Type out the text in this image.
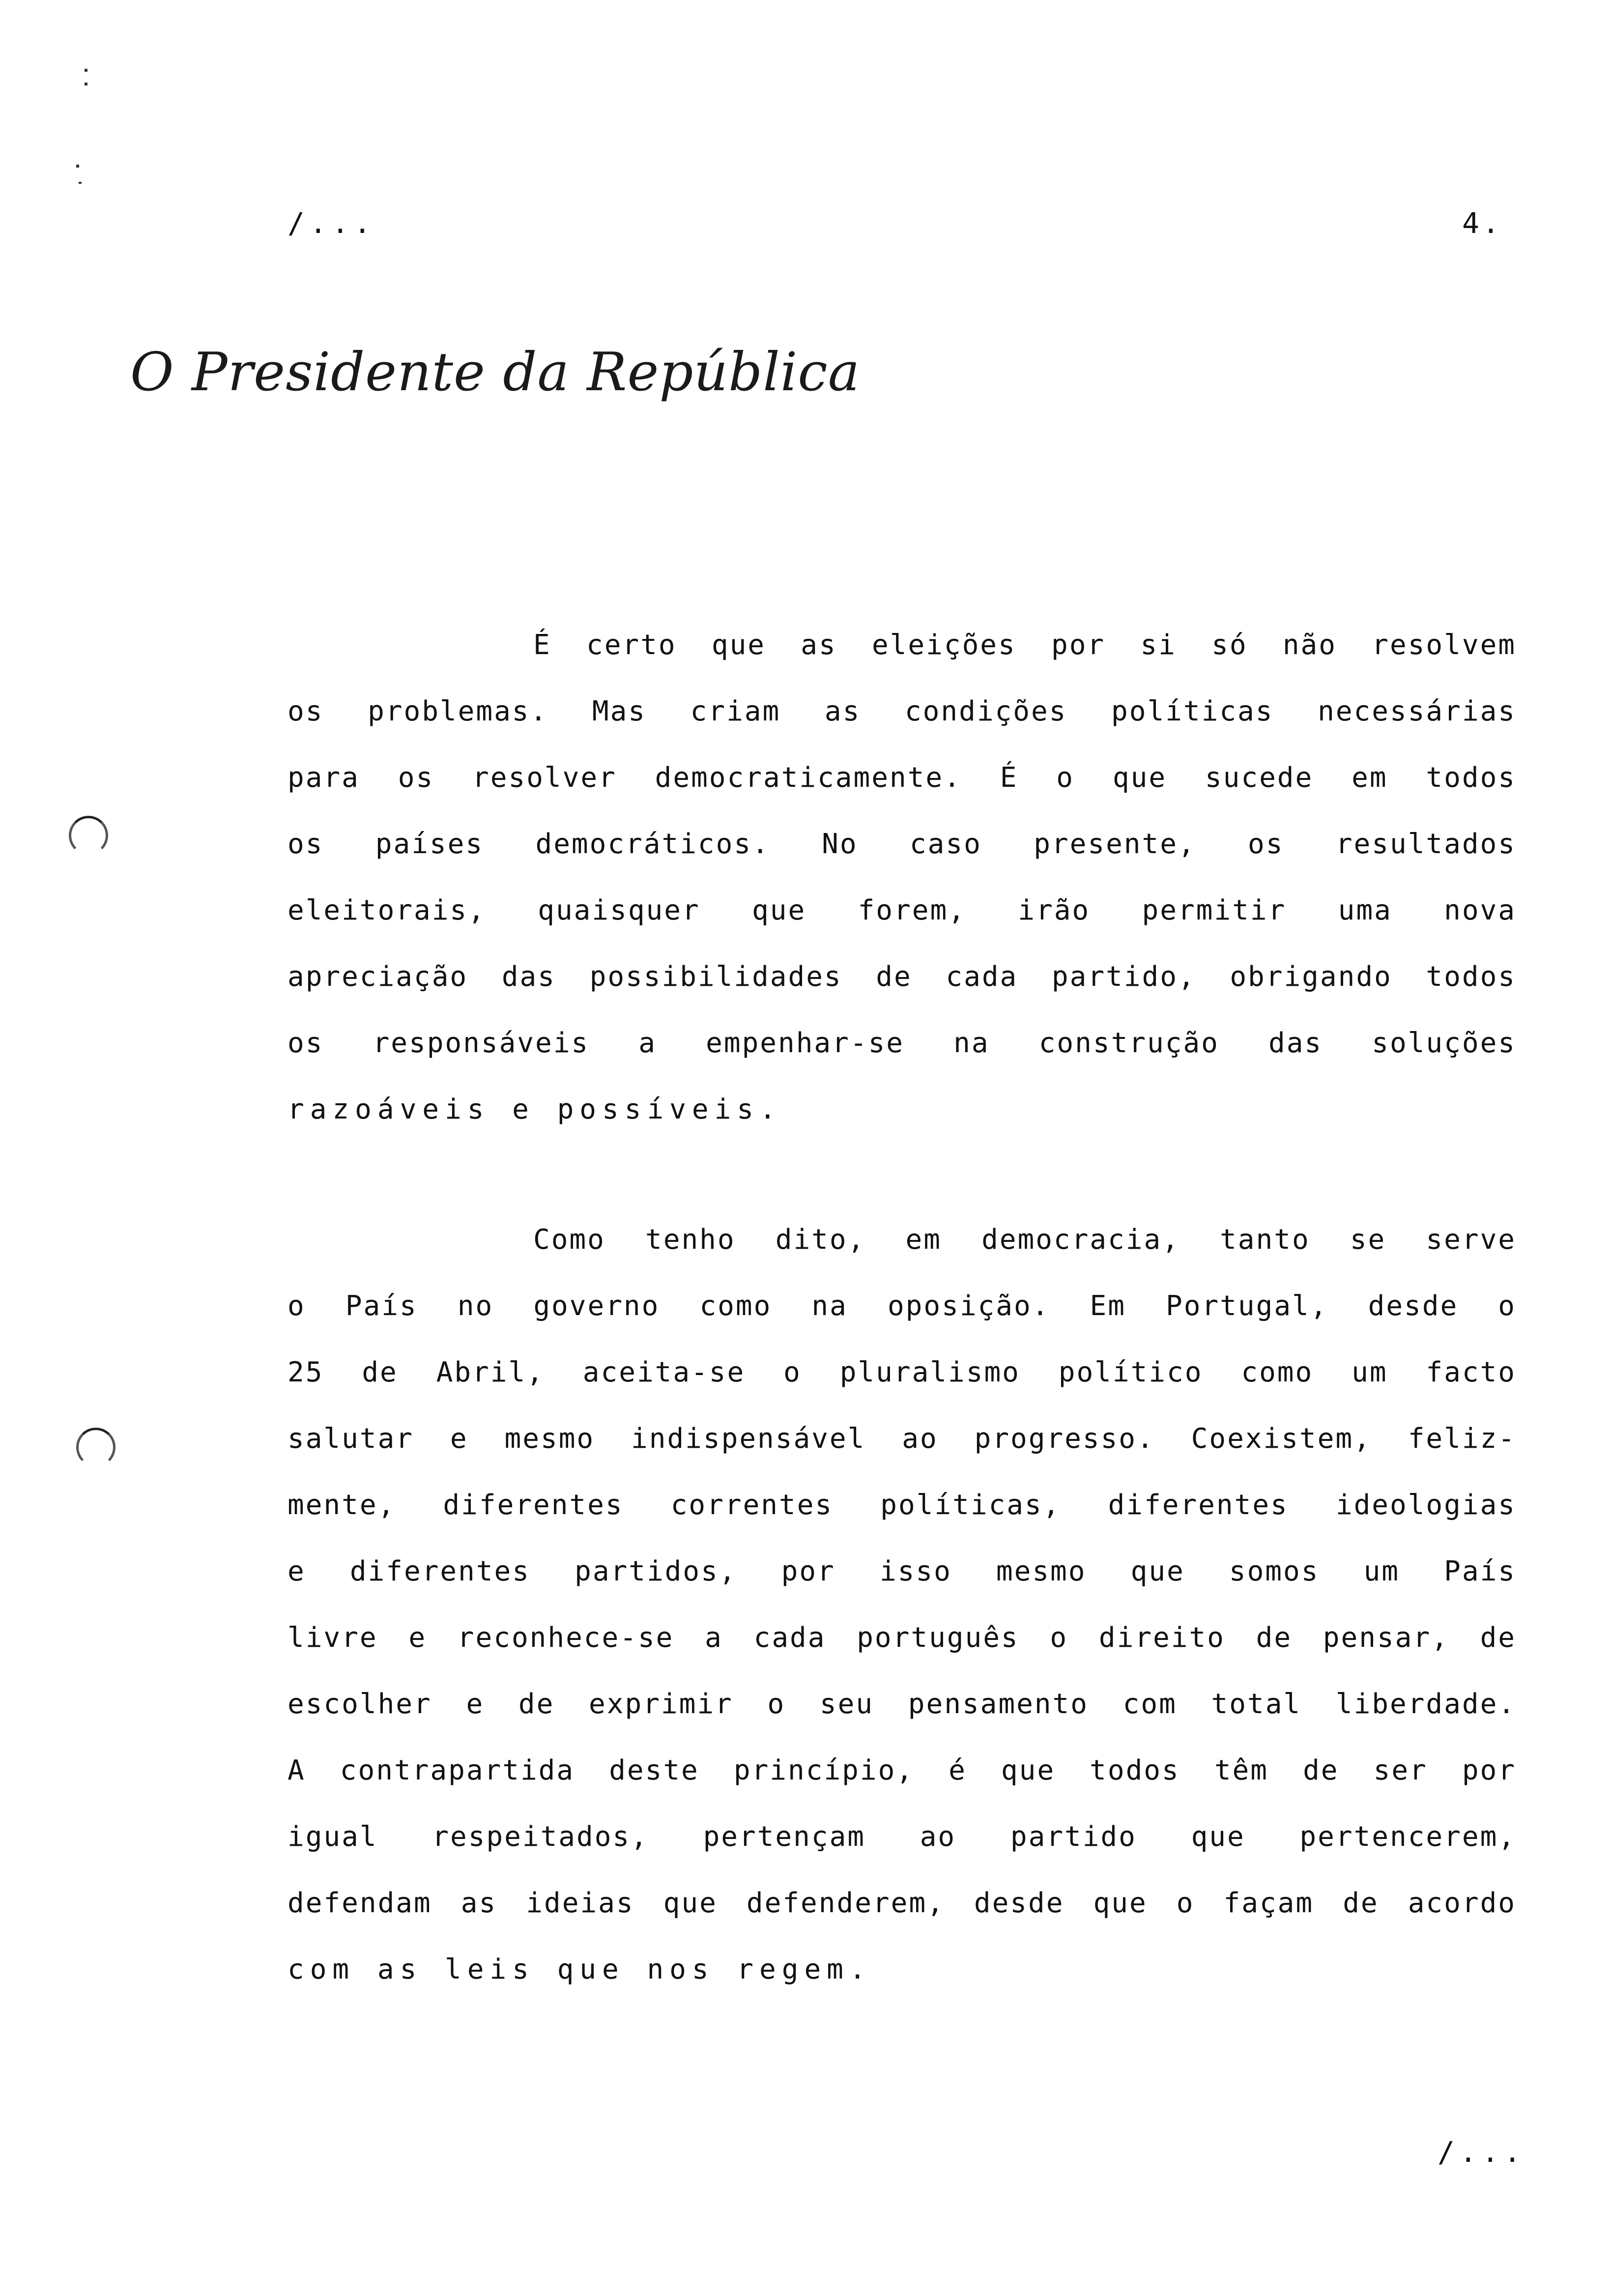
/...	4.
O Presidente da República
É certo que as eleições por si só não resolvem
os problemas. Mas criam as condições políticas necessárias
para os resolver democraticamente. É o que sucede em todos
os países democráticos. No caso presente, os resultados
eleitorais, quaisquer que forem, irão permitir uma nova
apreciação das possibilidades de cada partido, obrigando todos
os responsáveis a empenhar-se na construção das soluções
razoáveis e possíveis.
Como tenho dito, em democracia, tanto se serve
o País no governo como na oposição. Em Portugal, desde o
25 de Abril, aceita-se o pluralismo político como um facto
salutar e mesmo indispensável ao progresso. Coexistem, feliz-
mente, diferentes correntes políticas, diferentes ideologias
e diferentes partidos, por isso mesmo que somos um País
livre e reconhece-se a cada português o direito de pensar, de
escolher e de exprimir o seu pensamento com total liberdade.
A contrapartida deste princípio, é que todos têm de ser por
igual respeitados, pertençam ao partido que pertencerem,
defendam as ideias que defenderem, desde que o façam de acordo
com as leis que nos regem.
/...
